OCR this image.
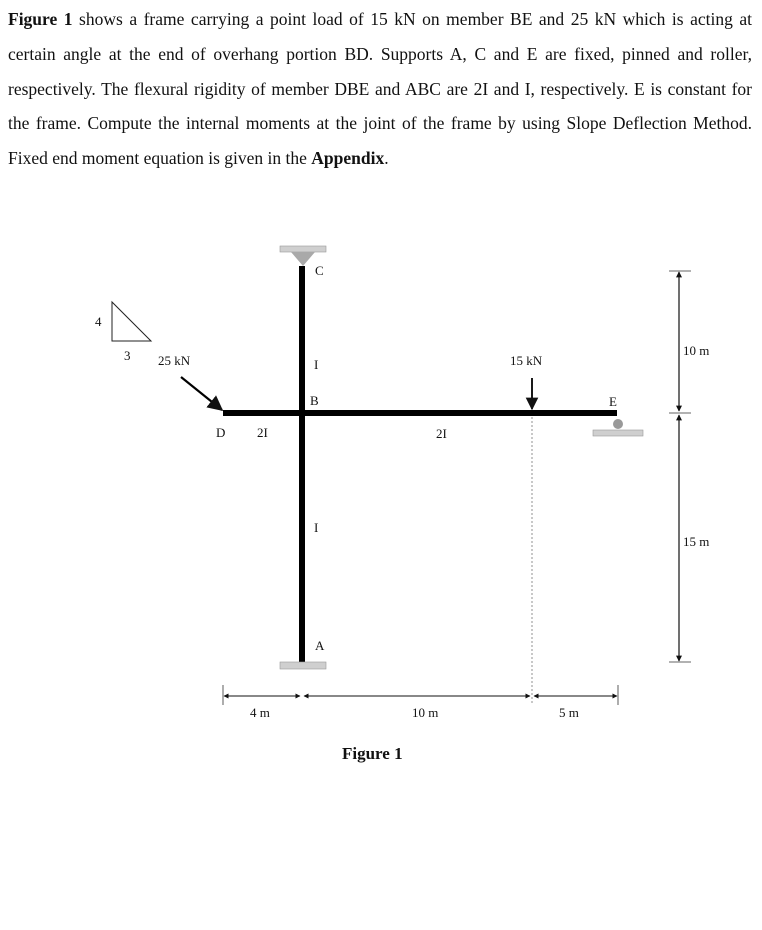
Figure 1 shows a frame carrying a point load of 15 kN on member BE and 25 kN which is acting at certain angle at the end of overhang portion BD. Supports A, C and E are fixed, pinned and roller, respectively. The flexural rigidity of member DBE and ABC are 2I and I, respectively. E is constant for the frame. Compute the internal moments at the joint of the frame by using Slope Deflection Method. Fixed end moment equation is given in the Appendix.

4
3
C
A
E
B
D
I
I
2I	2I
25 kN	15 kN
4 m	10 m	5 m
10 m
15 m
Figure 1
